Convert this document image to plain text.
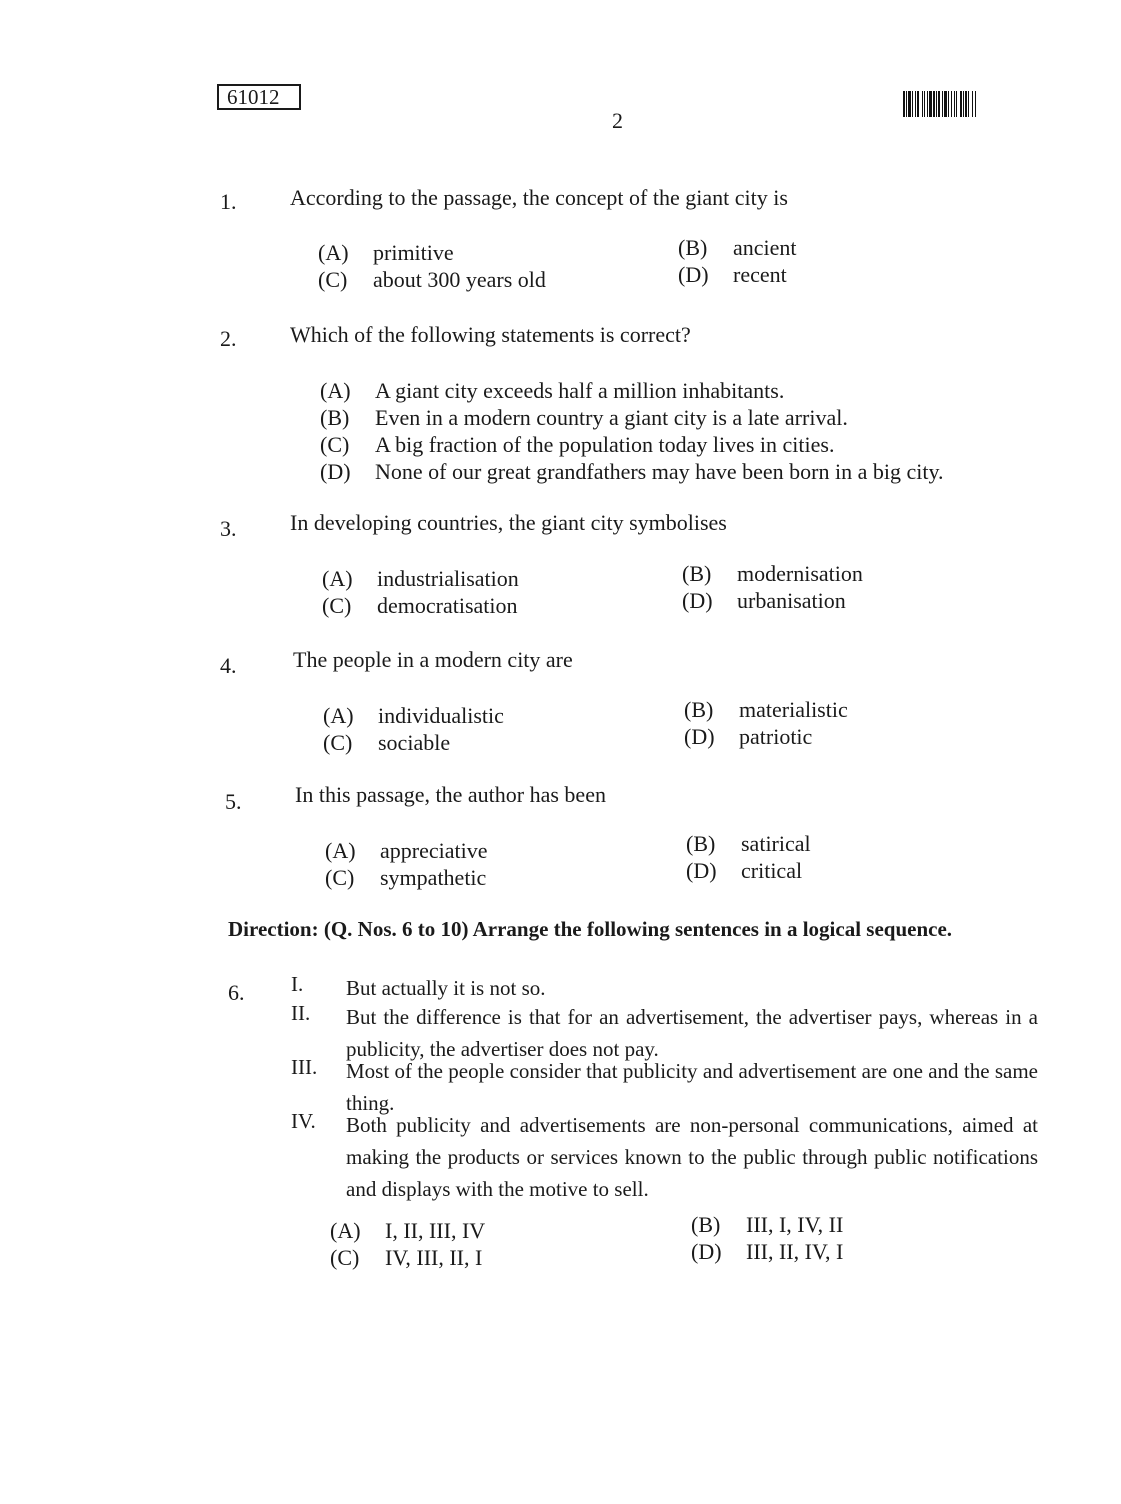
61012
2
1. According to the passage, the concept of the giant city is
(A) primitive	(B) ancient
(C) about 300 years old	(D) recent
2. Which of the following statements is correct?
(A) A giant city exceeds half a million inhabitants.
(B) Even in a modern country a giant city is a late arrival.
(C) A big fraction of the population today lives in cities.
(D) None of our great grandfathers may have been born in a big city.
3. In developing countries, the giant city symbolises
(A) industrialisation	(B) modernisation
(C) democratisation	(D) urbanisation
4.	The people in a modern city are
(A) individualistic	(B) materialistic
(C) sociable	(D) patriotic
5. In this passage, the author has been
(A) appreciative	(B) satirical
(C) sympathetic	(D) critical
Direction: (Q. Nos. 6 to 10) Arrange the following sentences in a logical sequence.
6. I. But actually it is not so.
II. But the difference is that for an advertisement, the advertiser pays, whereas in a publicity, the advertiser does not pay.
III. Most of the people consider that publicity and advertisement are one and the same thing.
IV. Both publicity and advertisements are non-personal communications, aimed at making the products or services known to the public through public notifications and displays with the motive to sell.
(A) I, II, III, IV	(B) III, I, IV, II
(C) IV, III, II, I	(D) III, II, IV, I
